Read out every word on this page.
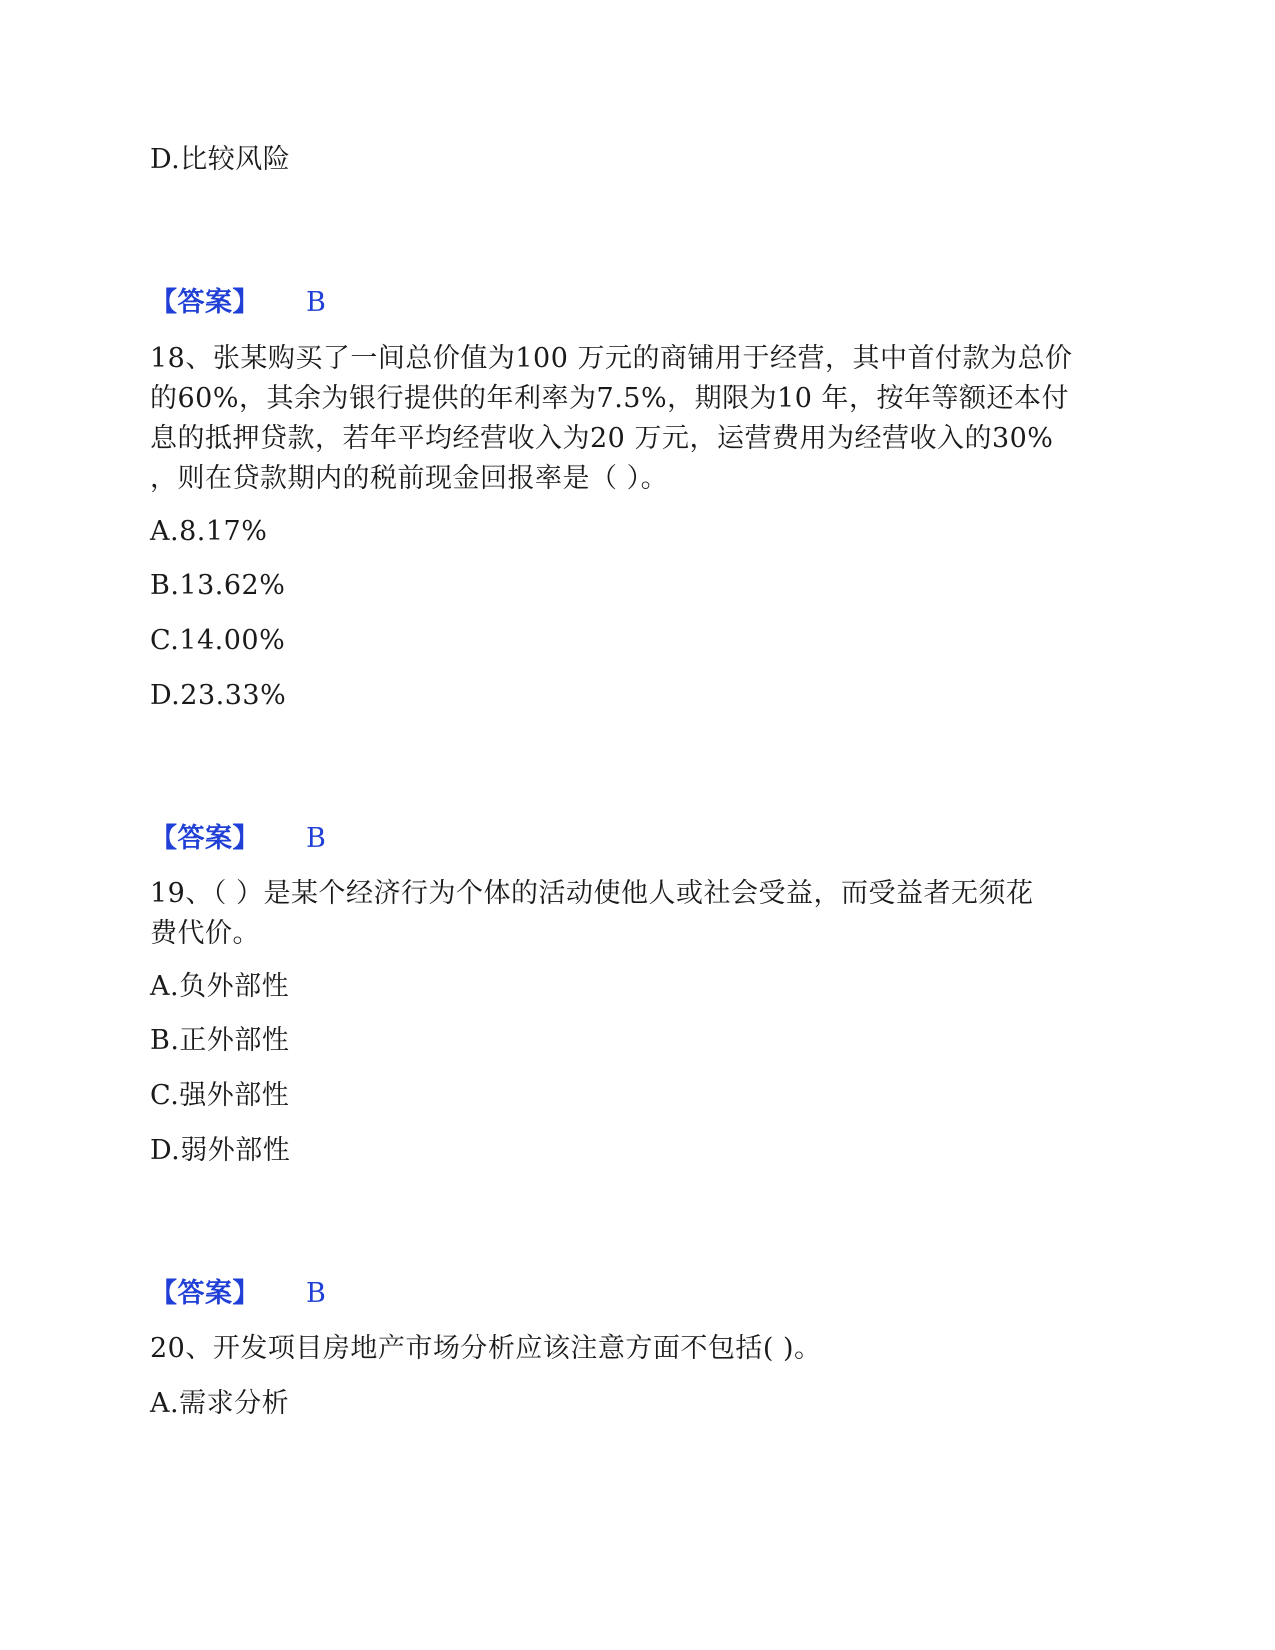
D.比较风险
【答案】 B
18、张某购买了一间总价值为100 万元的商铺用于经营，其中首付款为总价
的60%，其余为银行提供的年利率为7.5%，期限为10 年，按年等额还本付
息的抵押贷款，若年平均经营收入为20 万元，运营费用为经营收入的30%
，则在贷款期内的税前现金回报率是（ ）。
A.8.17%
B.13.62%
C.14.00%
D.23.33%
【答案】 B
19、（ ）是某个经济行为个体的活动使他人或社会受益，而受益者无须花
费代价。
A.负外部性
B.正外部性
C.强外部性
D.弱外部性
【答案】 B
20、开发项目房地产市场分析应该注意方面不包括( )。
A.需求分析
